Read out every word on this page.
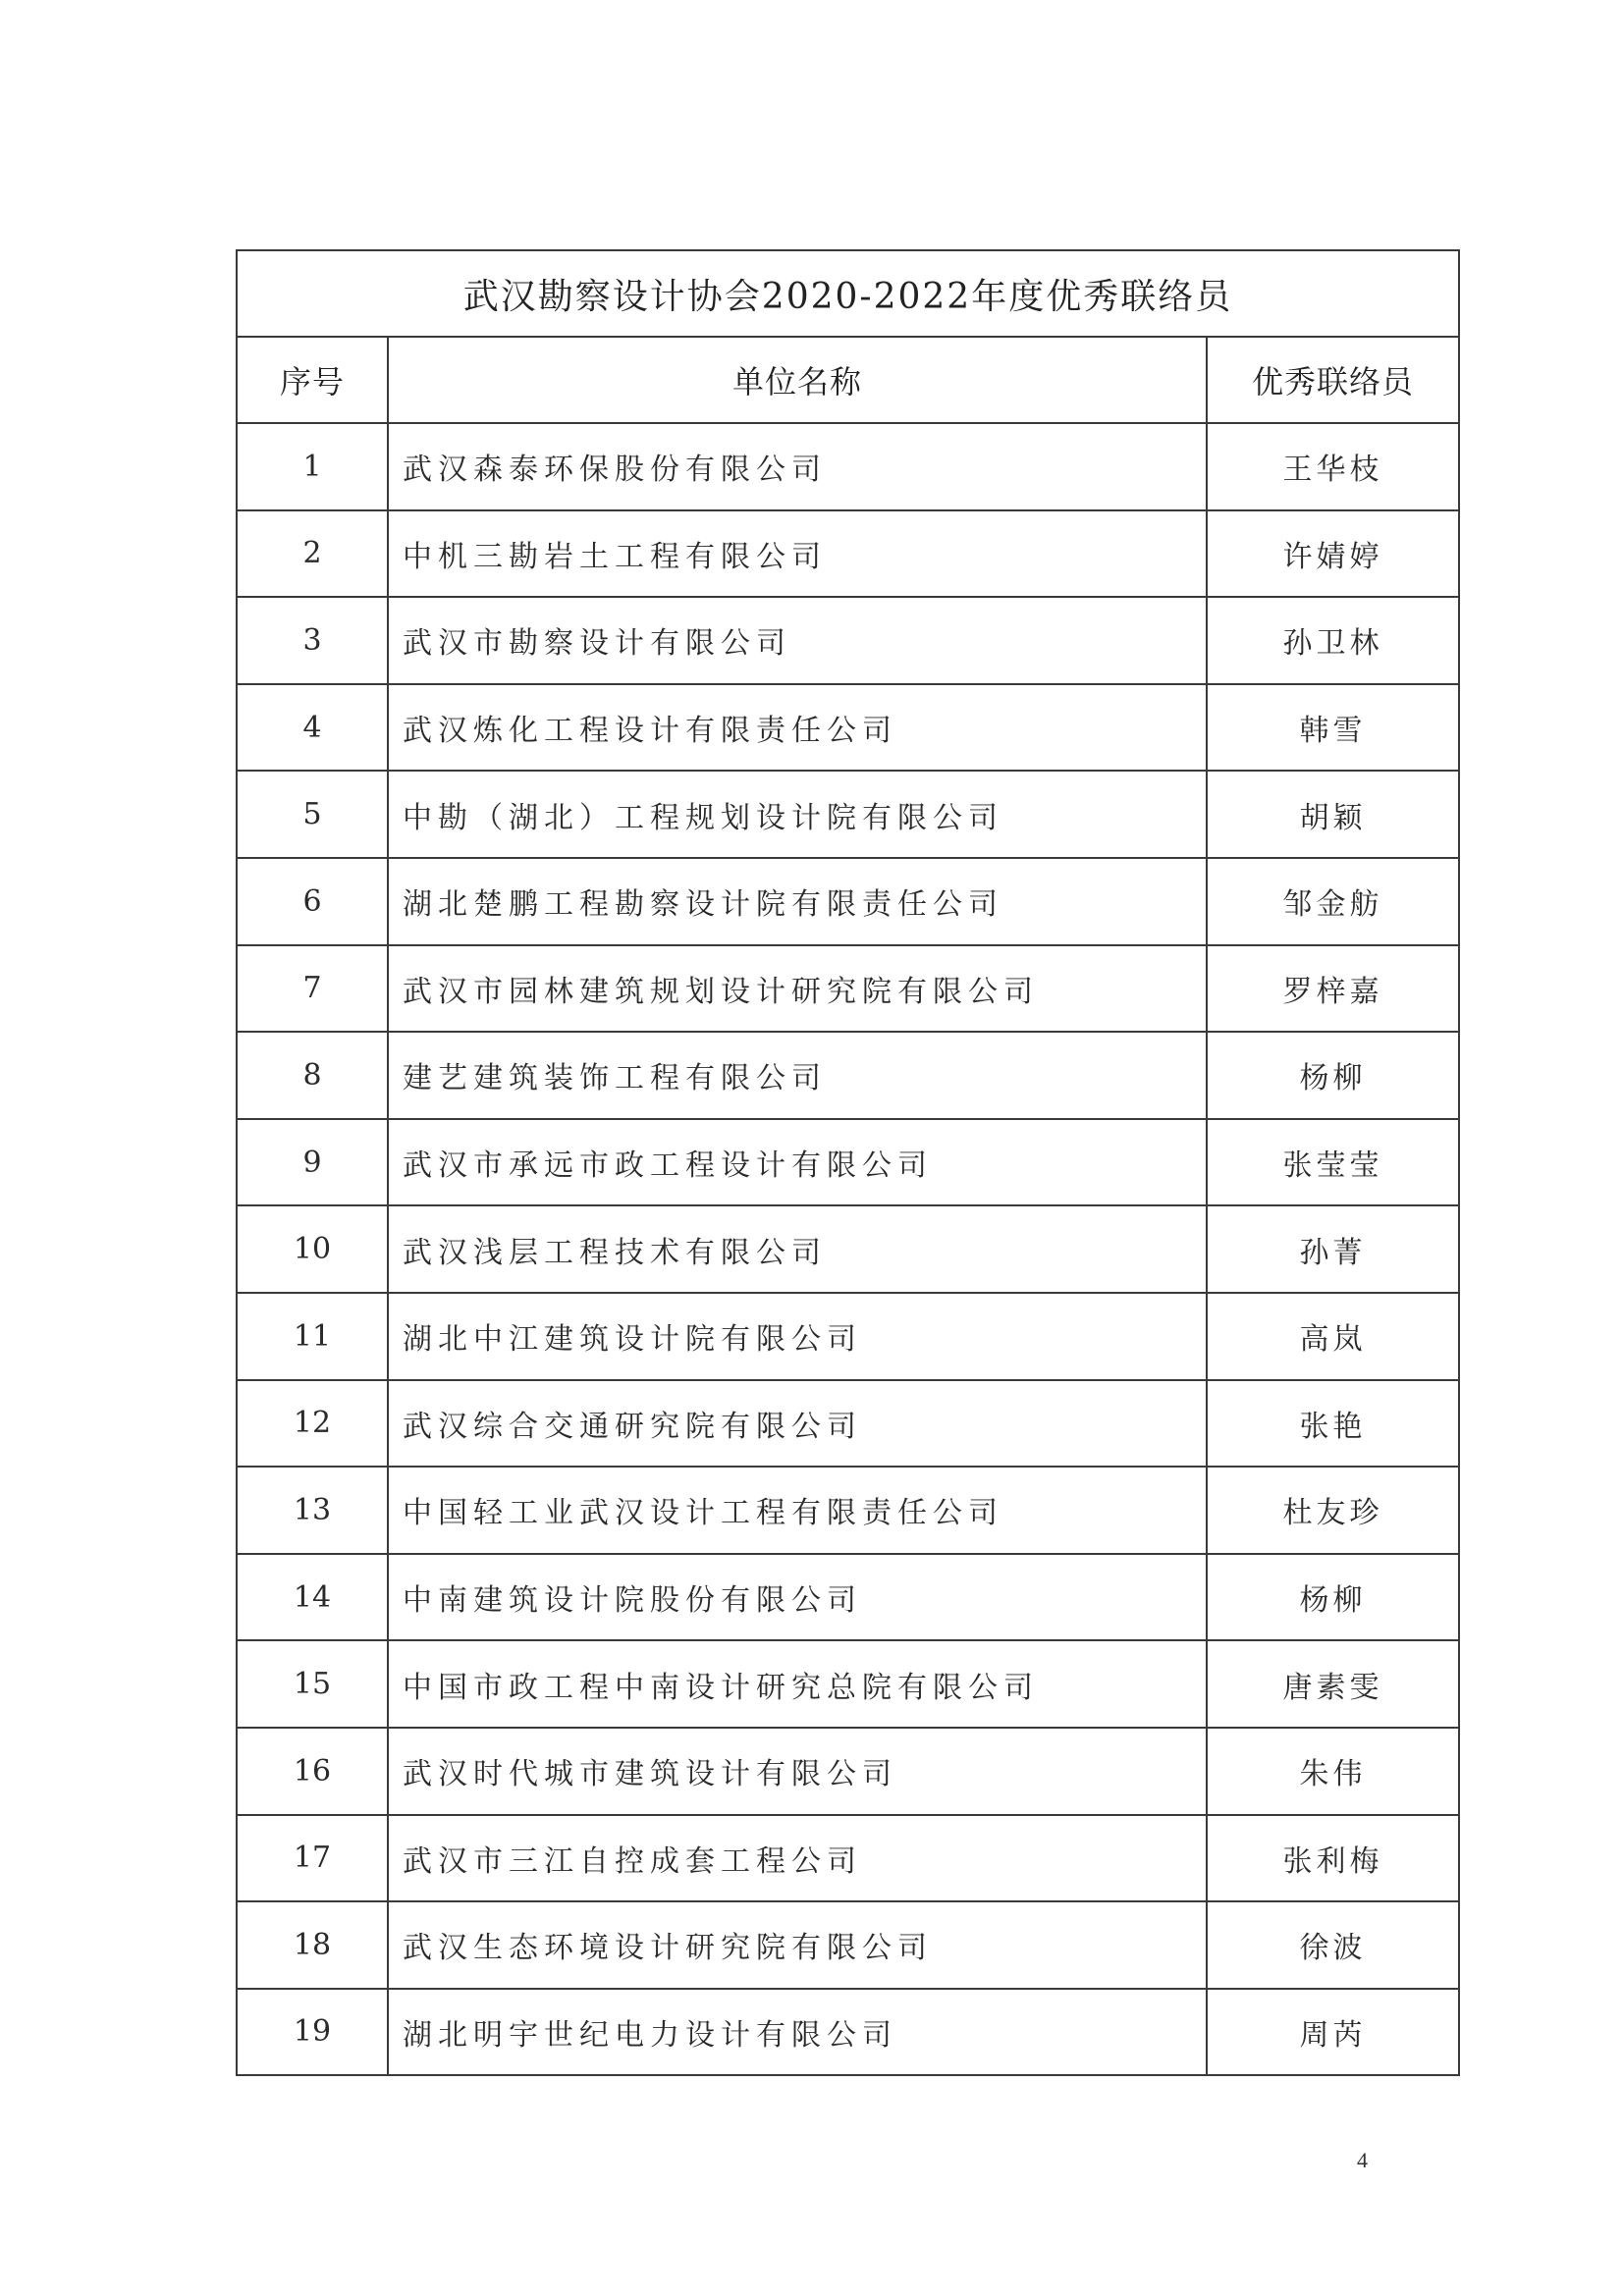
武汉勘察设计协会2020-2022年度优秀联络员		
序号	单位名称	优秀联络员
1	武汉森泰环保股份有限公司	王华枝
2	中机三勘岩土工程有限公司	许婧婷
3	武汉市勘察设计有限公司	孙卫林
4	武汉炼化工程设计有限责任公司	韩雪
5	中勘（湖北）工程规划设计院有限公司	胡颖
6	湖北楚鹏工程勘察设计院有限责任公司	邹金舫
7	武汉市园林建筑规划设计研究院有限公司	罗梓嘉
8	建艺建筑装饰工程有限公司	杨柳
9	武汉市承远市政工程设计有限公司	张莹莹
10	武汉浅层工程技术有限公司	孙菁
11	湖北中江建筑设计院有限公司	高岚
12	武汉综合交通研究院有限公司	张艳
13	中国轻工业武汉设计工程有限责任公司	杜友珍
14	中南建筑设计院股份有限公司	杨柳
15	中国市政工程中南设计研究总院有限公司	唐素雯
16	武汉时代城市建筑设计有限公司	朱伟
17	武汉市三江自控成套工程公司	张利梅
18	武汉生态环境设计研究院有限公司	徐波
19	湖北明宇世纪电力设计有限公司	周芮
4
